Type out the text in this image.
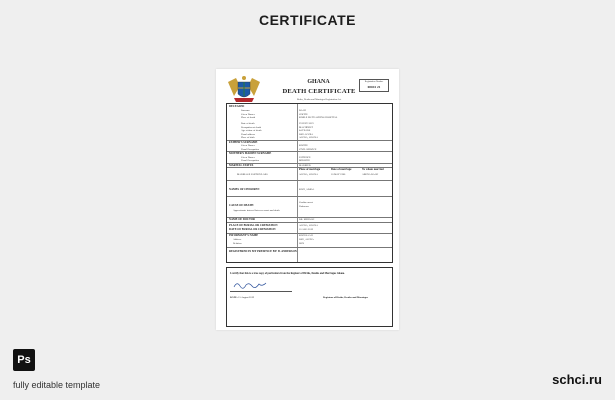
CERTIFICATE
GHANA
DEATH CERTIFICATE
Births, Deaths and Marriages Registration Act
Registration Number
00041 21
DECEASED
Surname	BAAH
Given Names	COFFIE
Place of death	KORLE BU TEACHING HOSPITAL
Date of death	29 JULY 2019
Occupation at death	MACHINIST
Age at time of death	64 YEARS
Usual address	OSU ACCRA
Place of birth	ACCRA, GHANA
FATHER'S SURNAME
Given Names	KOFFIE
Usual Occupation	CIVIL SERVICE
MOTHER'S MAIDEN SURNAME
Given Names	PATIENCE
Usual Occupation	MIDWIFE
MARITAL STATUS	MARRIED
Place of marriage	Date of marriage	To whom married
MARRIAGE PARTICULARS	ACCRA, GHANA	10 MAY 1980	ABENA BAAH
NAMES OF CHILDREN	KOFI, ADJOA
CAUSE OF DEATH
Cardiac arrest
Approximate interval between onset and death
Unknown
NAME OF DOCTOR	DR. MENSAH
PLACE OF BURIAL OR CREMATION	ACCRA, GHANA
DATE OF BURIAL OR CREMATION	10 AUG 2019
INFORMANT'S NAME	KOFI BAAH
Address	OSU, ACCRA
Relation	SON
REGISTERED IN MY PRESENCE BY: B. ANDERSON
I certify that this is a true copy of particulars from the Register of Births, Deaths and Marriages Ghana.
DATE: 15 August 2019	Registrar of Births, Deaths and Marriages
Ps
fully editable template	schci.ru
